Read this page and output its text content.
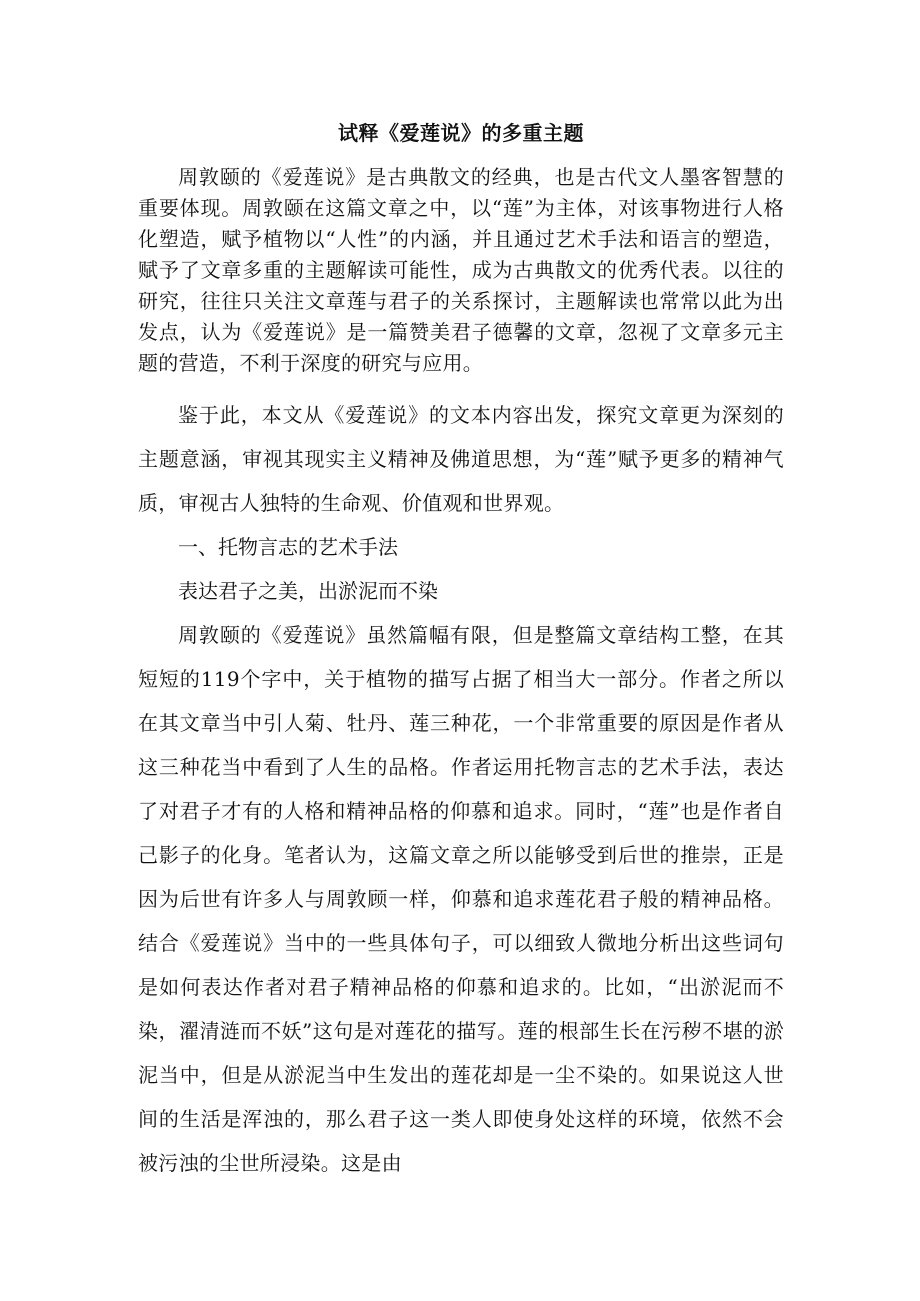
试释《爱莲说》的多重主题

周敦颐的《爱莲说》是古典散文的经典，也是古代文人墨客智慧的重要体现。周敦颐在这篇文章之中，以“莲”为主体，对该事物进行人格化塑造，赋予植物以“人性”的内涵，并且通过艺术手法和语言的塑造，赋予了文章多重的主题解读可能性，成为古典散文的优秀代表。以往的研究，往往只关注文章莲与君子的关系探讨，主题解读也常常以此为出发点，认为《爱莲说》是一篇赞美君子德馨的文章，忽视了文章多元主题的营造，不利于深度的研究与应用。

鉴于此，本文从《爱莲说》的文本内容出发，探究文章更为深刻的主题意涵，审视其现实主义精神及佛道思想，为“莲”赋予更多的精神气质，审视古人独特的生命观、价值观和世界观。

一、托物言志的艺术手法

表达君子之美，出淤泥而不染

周敦颐的《爱莲说》虽然篇幅有限，但是整篇文章结构工整，在其短短的119个字中，关于植物的描写占据了相当大一部分。作者之所以在其文章当中引人菊、牡丹、莲三种花，一个非常重要的原因是作者从这三种花当中看到了人生的品格。作者运用托物言志的艺术手法，表达了对君子才有的人格和精神品格的仰慕和追求。同时，“莲”也是作者自己影子的化身。笔者认为，这篇文章之所以能够受到后世的推崇，正是因为后世有许多人与周敦顾一样，仰慕和追求莲花君子般的精神品格。结合《爱莲说》当中的一些具体句子，可以细致人微地分析出这些词句是如何表达作者对君子精神品格的仰慕和追求的。比如，“出淤泥而不染，濯清涟而不妖”这句是对莲花的描写。莲的根部生长在污秽不堪的淤泥当中，但是从淤泥当中生发出的莲花却是一尘不染的。如果说这人世间的生活是浑浊的，那么君子这一类人即使身处这样的环境，依然不会被污浊的尘世所浸染。这是由
